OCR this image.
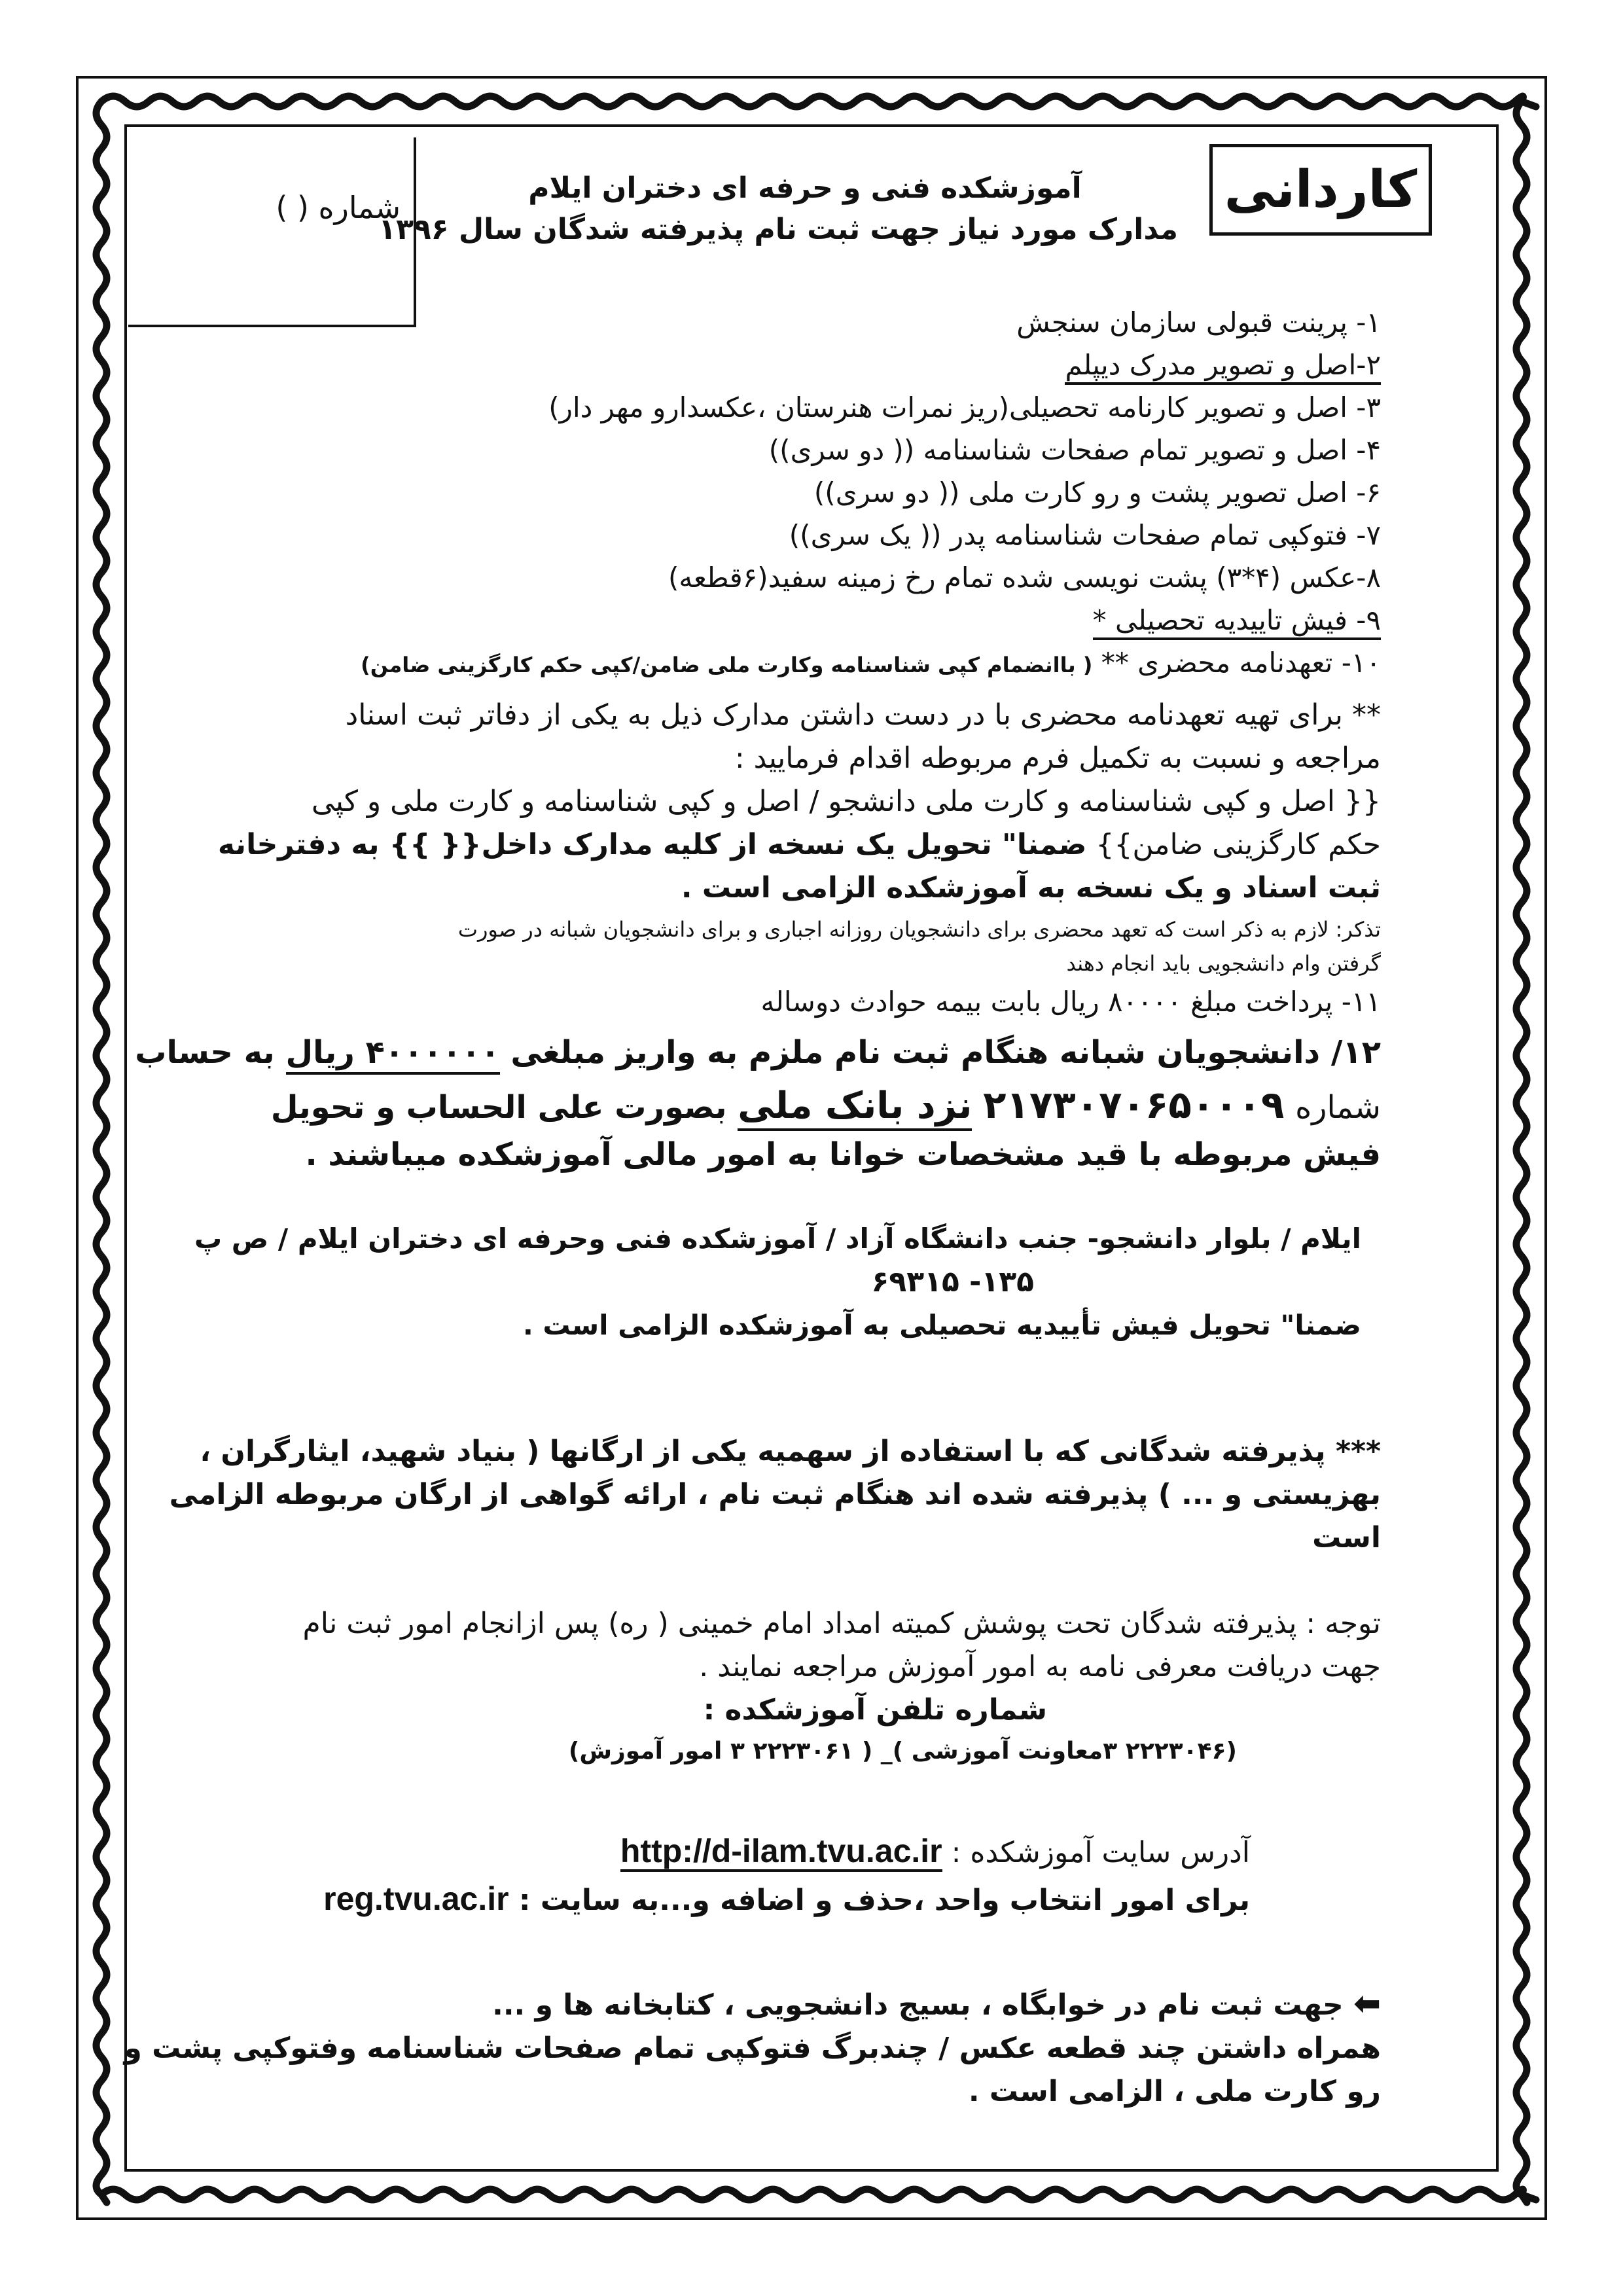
کاردانی
شماره ( )
آموزشکده فنی و حرفه ای دختران ایلام
مدارک مورد نیاز جهت ثبت نام پذیرفته شدگان سال ۱۳۹۶
۱- پرینت قبولی سازمان سنجش
۲-اصل و تصویر مدرک دیپلم
۳- اصل و تصویر کارنامه تحصیلی(ریز نمرات هنرستان ،عکسدارو مهر دار)
۴- اصل و تصویر تمام صفحات شناسنامه (( دو سری))
۶- اصل تصویر پشت و رو کارت ملی (( دو سری))
۷- فتوکپی تمام صفحات شناسنامه پدر (( یک سری))
۸-عکس (۴*۳) پشت نویسی شده تمام رخ زمینه سفید(۶قطعه)
۹- فیش تاییدیه تحصیلی *
۱۰- تعهدنامه محضری ** ( باانضمام کپی شناسنامه وکارت ملی ضامن/کپی حکم کارگزینی ضامن)
** برای تهیه تعهدنامه محضری با در دست داشتن مدارک ذیل به یکی از دفاتر ثبت اسناد
مراجعه و نسبت به تکمیل فرم مربوطه اقدام فرمایید :
{{ اصل و کپی شناسنامه و کارت ملی دانشجو / اصل و کپی شناسنامه و کارت ملی و کپی
حکم کارگزینی ضامن}} ضمنا" تحویل یک نسخه از کلیه مدارک داخل{{ }} به دفترخانه
ثبت اسناد و یک نسخه به آموزشکده الزامی است .
تذکر: لازم به ذکر است که تعهد محضری برای دانشجویان روزانه اجباری و برای دانشجویان شبانه در صورت
گرفتن وام دانشجویی باید انجام دهند
۱۱- پرداخت مبلغ ۸۰۰۰۰ ریال بابت بیمه حوادث دوساله
۱۲/ دانشجویان شبانه هنگام ثبت نام ملزم به واریز مبلغی ۴۰۰۰۰۰۰ ریال به حساب
شماره ۲۱۷۳۰۷۰۶۵۰۰۰۹ نزد بانک ملی بصورت علی الحساب و تحویل
فیش مربوطه با قید مشخصات خوانا به امور مالی آموزشکده میباشند .
ایلام / بلوار دانشجو- جنب دانشگاه آزاد / آموزشکده فنی وحرفه ای دختران ایلام / ص پ
۱۳۵- ۶۹۳۱۵
ضمنا" تحویل فیش تأییدیه تحصیلی به آموزشکده الزامی است .
*** پذیرفته شدگانی که با استفاده از سهمیه یکی از ارگانها ( بنیاد شهید، ایثارگران ،
بهزیستی و ... ) پذیرفته شده اند هنگام ثبت نام ، ارائه گواهی از ارگان مربوطه الزامی
است
توجه : پذیرفته شدگان تحت پوشش کمیته امداد امام خمینی ( ره) پس ازانجام امور ثبت نام
جهت دریافت معرفی نامه به امور آموزش مراجعه نمایند .
شماره تلفن آموزشکده :
(۲۲۲۳۰۴۶ ۳معاونت آموزشی )_ ( ۲۲۲۳۰۶۱ ۳ امور آموزش)
آدرس سایت آموزشکده : http://d-ilam.tvu.ac.ir
برای امور انتخاب واحد ،حذف و اضافه و...به سایت : reg.tvu.ac.ir
⬅ جهت ثبت نام در خوابگاه ، بسیج دانشجویی ، کتابخانه ها و ...
همراه داشتن چند قطعه عکس / چندبرگ فتوکپی تمام صفحات شناسنامه وفتوکپی پشت و
رو کارت ملی ، الزامی است .
